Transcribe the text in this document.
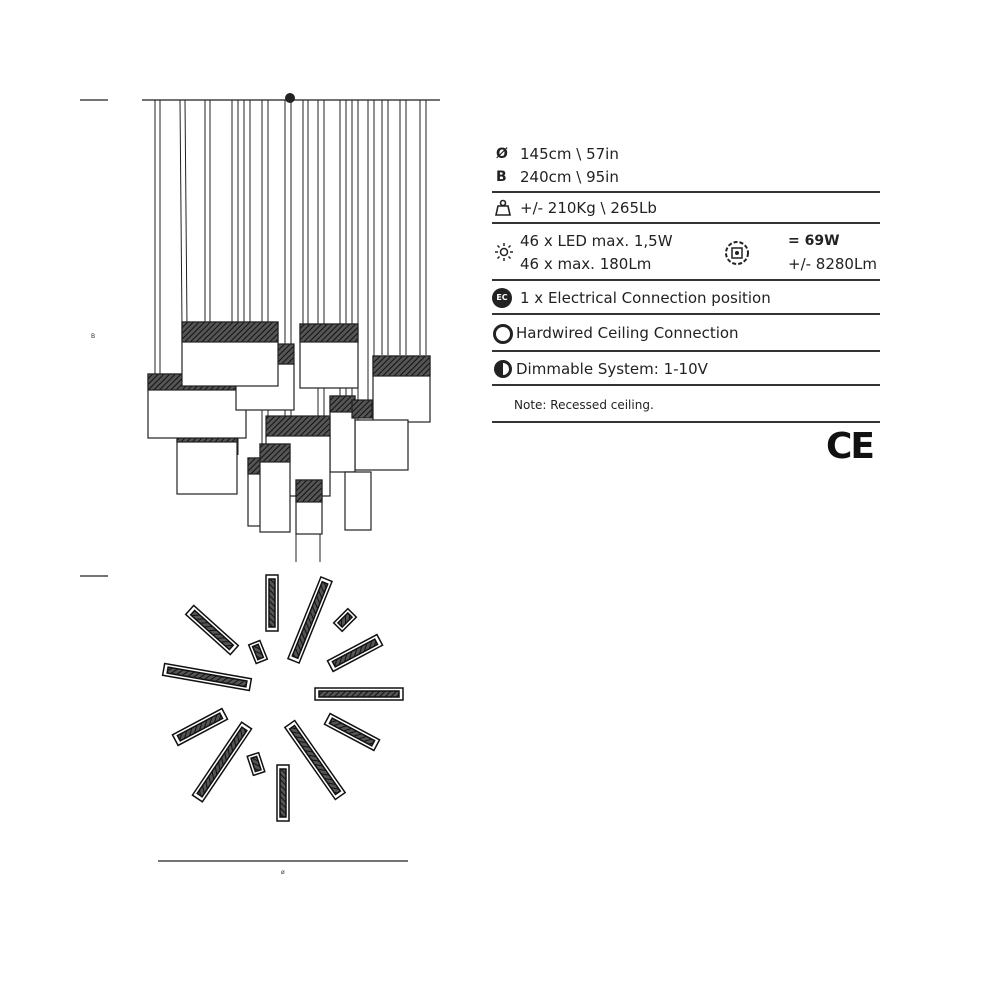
B
ø
Ø 145cm \ 57in
B 240cm \ 95in
+/- 210Kg \ 265Lb
46 x LED max. 1,5W
46 x max. 180Lm
= 69W
+/- 8280Lm
EC 1 x Electrical Connection position
Hardwired Ceiling Connection
Dimmable System: 1-10V
Note: Recessed ceiling.
CE
